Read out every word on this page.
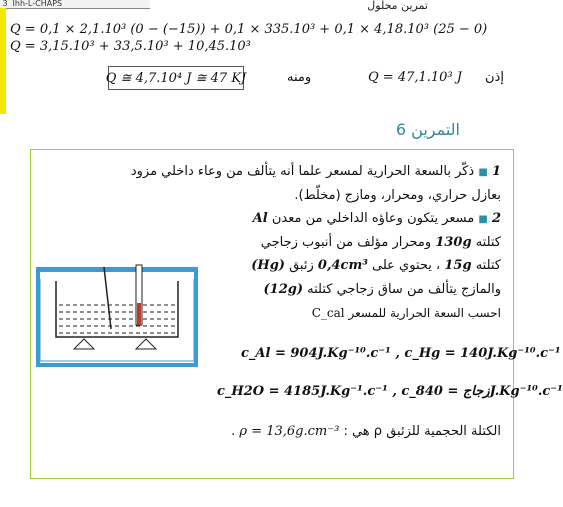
3 Ihh-L-CHAPS	تمرين محلول
Q = 0,1 × 2,1.10³ (0 − (−15)) + 0,1 × 335.10³ + 0,1 × 4,18.10³ (25 − 0)
Q = 3,15.10³ + 33,5.10³ + 10,45.10³
Q ≅ 4,7.10⁴ J ≅ 47 KJ	ومنه	Q = 47,1.10³ J إذن
التمرين 6
1 ■ ذكّر بالسعة الحرارية لمسعر علما أنه يتألف من وعاء داخلي مزود
بعازل حراري، ومحرار، ومازج (مخلّط).
2 ■ مسعر يتكون وعاؤه الداخلي من معدن Al
كتلته 130g ومحرار مؤلف من أنبوب زجاجي
كتلته 15g ، يحتوي على 0,4cm³ زئبق (Hg)
والمازج يتألف من ساق زجاجي كتلته (12g)
احسب السعة الحرارية للمسعر C_cal
c_Al = 904J.Kg⁻¹⁰.c⁻¹ , c_Hg = 140J.Kg⁻¹⁰.c⁻¹
c_H2O = 4185J.Kg⁻¹.c⁻¹ , c_زجاج = 840J.Kg⁻¹⁰.c⁻¹
الكتلة الحجمية للزئبق ρ هي : ρ = 13,6g.cm⁻³ .
